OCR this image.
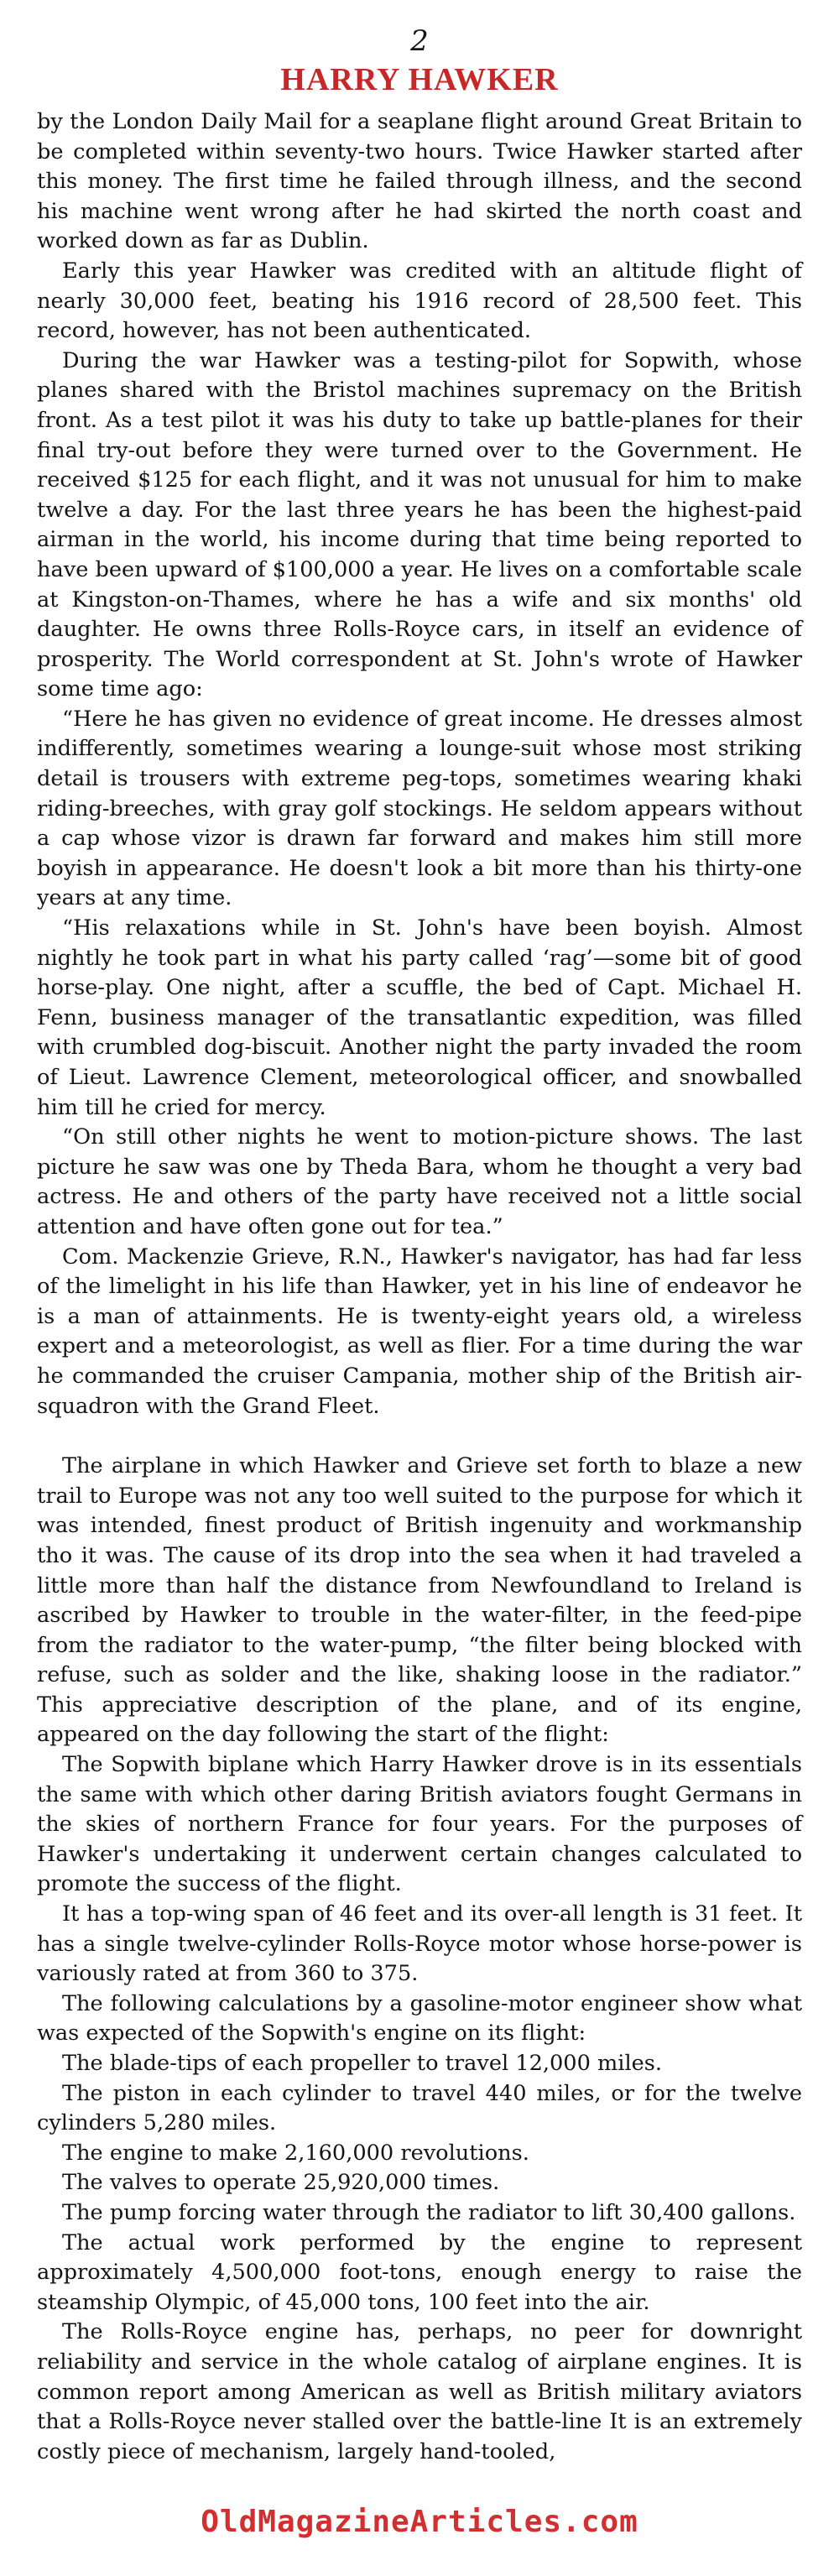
2
HARRY HAWKER

by the London Daily Mail for a seaplane flight around Great Britain to be completed within seventy-two hours. Twice Hawker started after this money. The first time he failed through illness, and the second his machine went wrong after he had skirted the north coast and worked down as far as Dublin.

Early this year Hawker was credited with an altitude flight of nearly 30,000 feet, beating his 1916 record of 28,500 feet. This record, however, has not been authenticated.

During the war Hawker was a testing-pilot for Sopwith, whose planes shared with the Bristol machines supremacy on the British front. As a test pilot it was his duty to take up battle-planes for their final try-out before they were turned over to the Government. He received $125 for each flight, and it was not unusual for him to make twelve a day. For the last three years he has been the highest-paid airman in the world, his income during that time being reported to have been upward of $100,000 a year. He lives on a comfortable scale at Kingston-on-Thames, where he has a wife and six months' old daughter. He owns three Rolls-Royce cars, in itself an evidence of prosperity. The World correspondent at St. John's wrote of Hawker some time ago:

“Here he has given no evidence of great income. He dresses almost indifferently, sometimes wearing a lounge-suit whose most striking detail is trousers with extreme peg-tops, sometimes wearing khaki riding-breeches, with gray golf stockings. He seldom appears without a cap whose vizor is drawn far forward and makes him still more boyish in appearance. He doesn't look a bit more than his thirty-one years at any time.

“His relaxations while in St. John's have been boyish. Almost nightly he took part in what his party called ‘rag’—some bit of good horse-play. One night, after a scuffle, the bed of Capt. Michael H. Fenn, business manager of the transatlantic expedition, was filled with crumbled dog-biscuit. Another night the party invaded the room of Lieut. Lawrence Clement, meteorological officer, and snowballed him till he cried for mercy.

“On still other nights he went to motion-picture shows. The last picture he saw was one by Theda Bara, whom he thought a very bad actress. He and others of the party have received not a little social attention and have often gone out for tea.”

Com. Mackenzie Grieve, R.N., Hawker's navigator, has had far less of the limelight in his life than Hawker, yet in his line of endeavor he is a man of attainments. He is twenty-eight years old, a wireless expert and a meteorologist, as well as flier. For a time during the war he commanded the cruiser Campania, mother ship of the British air-squadron with the Grand Fleet.

The airplane in which Hawker and Grieve set forth to blaze a new trail to Europe was not any too well suited to the purpose for which it was intended, finest product of British ingenuity and workmanship tho it was. The cause of its drop into the sea when it had traveled a little more than half the distance from Newfoundland to Ireland is ascribed by Hawker to trouble in the water-filter, in the feed-pipe from the radiator to the water-pump, “the filter being blocked with refuse, such as solder and the like, shaking loose in the radiator.” This appreciative description of the plane, and of its engine, appeared on the day following the start of the flight:

The Sopwith biplane which Harry Hawker drove is in its essentials the same with which other daring British aviators fought Germans in the skies of northern France for four years. For the purposes of Hawker's undertaking it underwent certain changes calculated to promote the success of the flight.

It has a top-wing span of 46 feet and its over-all length is 31 feet. It has a single twelve-cylinder Rolls-Royce motor whose horse-power is variously rated at from 360 to 375.

The following calculations by a gasoline-motor engineer show what was expected of the Sopwith's engine on its flight:

The blade-tips of each propeller to travel 12,000 miles.

The piston in each cylinder to travel 440 miles, or for the twelve cylinders 5,280 miles.

The engine to make 2,160,000 revolutions.

The valves to operate 25,920,000 times.

The pump forcing water through the radiator to lift 30,400 gallons.

The actual work performed by the engine to represent approximately 4,500,000 foot-tons, enough energy to raise the steamship Olympic, of 45,000 tons, 100 feet into the air.

The Rolls-Royce engine has, perhaps, no peer for downright reliability and service in the whole catalog of airplane engines. It is common report among American as well as British military aviators that a Rolls-Royce never stalled over the battle-line It is an extremely costly piece of mechanism, largely hand-tooled,

OldMagazineArticles.com
